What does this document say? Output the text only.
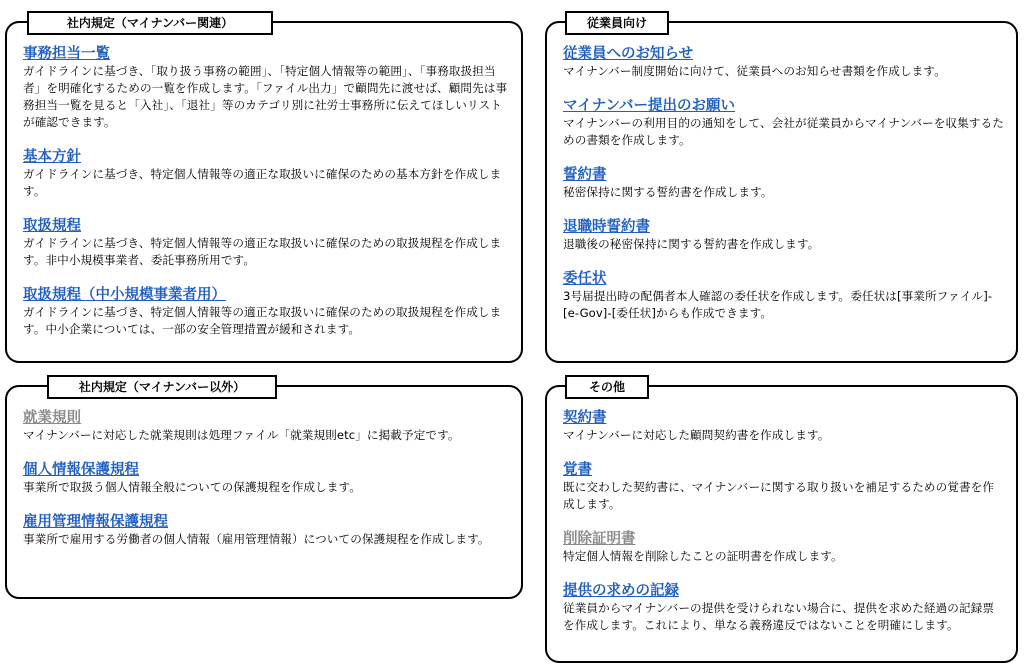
社内規定（マイナンバー関連）
事務担当一覧
ガイドラインに基づき、「取り扱う事務の範囲」、「特定個人情報等の範囲」、「事務取扱担当者」を明確化するための一覧を作成します。「ファイル出力」で顧問先に渡せば、顧問先は事務担当一覧を見ると「入社」、「退社」等のカテゴリ別に社労士事務所に伝えてほしいリストが確認できます。
基本方針
ガイドラインに基づき、特定個人情報等の適正な取扱いに確保のための基本方針を作成します。
取扱規程
ガイドラインに基づき、特定個人情報等の適正な取扱いに確保のための取扱規程を作成します。非中小規模事業者、委託事務所用です。
取扱規程（中小規模事業者用）
ガイドラインに基づき、特定個人情報等の適正な取扱いに確保のための取扱規程を作成します。中小企業については、一部の安全管理措置が緩和されます。
従業員向け
従業員へのお知らせ
マイナンバー制度開始に向けて、従業員へのお知らせ書類を作成します。
マイナンバー提出のお願い
マイナンバーの利用目的の通知をして、会社が従業員からマイナンバーを収集するための書類を作成します。
誓約書
秘密保持に関する誓約書を作成します。
退職時誓約書
退職後の秘密保持に関する誓約書を作成します。
委任状
3号届提出時の配偶者本人確認の委任状を作成します。委任状は[事業所ファイル]-[e-Gov]-[委任状]からも作成できます。
社内規定（マイナンバー以外）
就業規則
マイナンバーに対応した就業規則は処理ファイル「就業規則etc」に掲載予定です。
個人情報保護規程
事業所で取扱う個人情報全般についての保護規程を作成します。
雇用管理情報保護規程
事業所で雇用する労働者の個人情報（雇用管理情報）についての保護規程を作成します。
その他
契約書
マイナンバーに対応した顧問契約書を作成します。
覚書
既に交わした契約書に、マイナンバーに関する取り扱いを補足するための覚書を作成します。
削除証明書
特定個人情報を削除したことの証明書を作成します。
提供の求めの記録
従業員からマイナンバーの提供を受けられない場合に、提供を求めた経過の記録票を作成します。これにより、単なる義務違反ではないことを明確にします。
